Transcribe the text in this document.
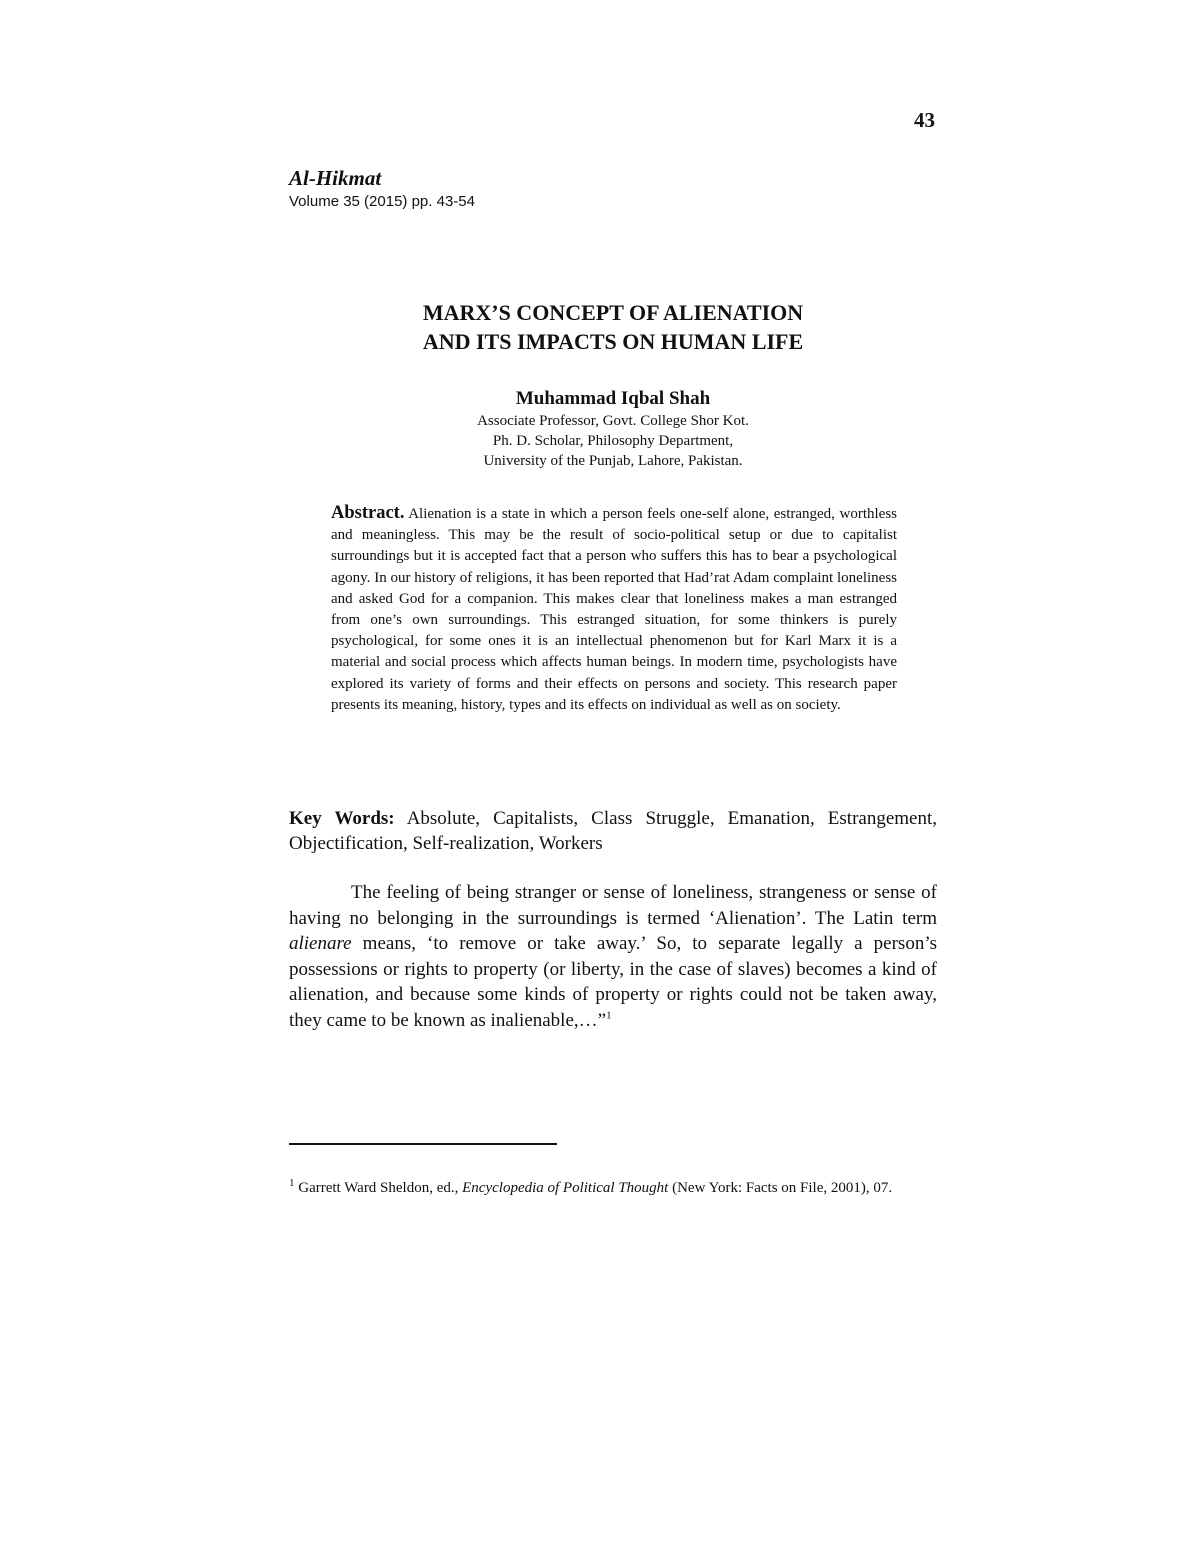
43
Al-Hikmat
Volume 35 (2015) pp. 43-54
MARX’S CONCEPT OF ALIENATION
AND ITS IMPACTS ON HUMAN LIFE
Muhammad Iqbal Shah
Associate Professor, Govt. College Shor Kot.
Ph. D. Scholar, Philosophy Department,
University of the Punjab, Lahore, Pakistan.
Abstract. Alienation is a state in which a person feels one-self alone, estranged, worthless and meaningless. This may be the result of socio-political setup or due to capitalist surroundings but it is accepted fact that a person who suffers this has to bear a psychological agony. In our history of religions, it has been reported that Had’rat Adam complaint loneliness and asked God for a companion. This makes clear that loneliness makes a man estranged from one’s own surroundings. This estranged situation, for some thinkers is purely psychological, for some ones it is an intellectual phenomenon but for Karl Marx it is a material and social process which affects human beings. In modern time, psychologists have explored its variety of forms and their effects on persons and society. This research paper presents its meaning, history, types and its effects on individual as well as on society.
Key Words: Absolute, Capitalists, Class Struggle, Emanation, Estrangement, Objectification, Self-realization, Workers

The feeling of being stranger or sense of loneliness, strangeness or sense of having no belonging in the surroundings is termed ‘Alienation’. The Latin term alienare means, ‘to remove or take away.’ So, to separate legally a person’s possessions or rights to property (or liberty, in the case of slaves) becomes a kind of alienation, and because some kinds of property or rights could not be taken away, they came to be known as inalienable,…”$^1$

$^1$ Garrett Ward Sheldon, ed., Encyclopedia of Political Thought (New York: Facts on File, 2001), 07.
